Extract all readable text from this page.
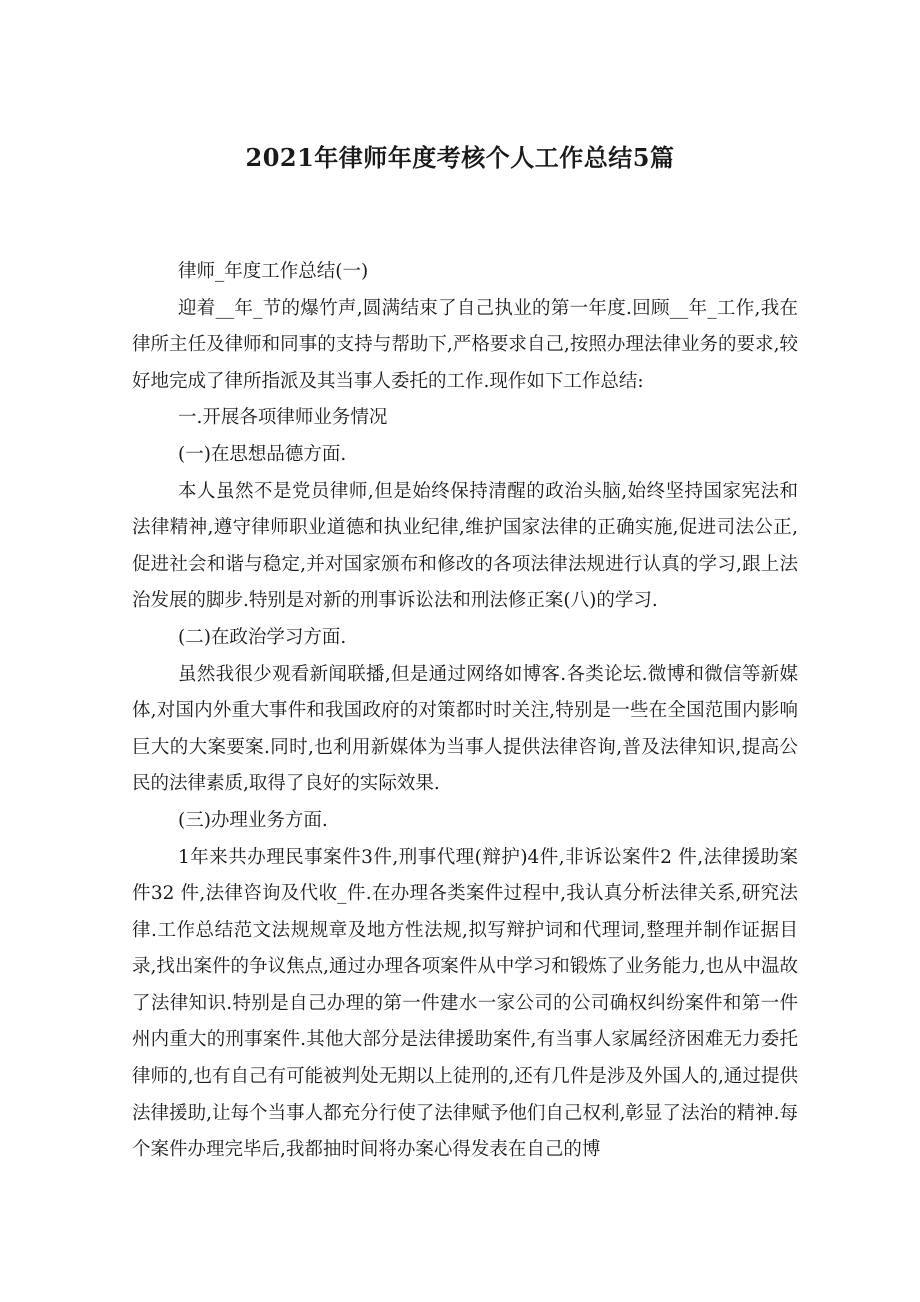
2021年律师年度考核个人工作总结5篇

律师_年度工作总结(一)

迎着__年_节的爆竹声,圆满结束了自己执业的第一年度.回顾__年_工作,我在律所主任及律师和同事的支持与帮助下,严格要求自己,按照办理法律业务的要求,较好地完成了律所指派及其当事人委托的工作.现作如下工作总结:

一.开展各项律师业务情况

(一)在思想品德方面.

本人虽然不是党员律师,但是始终保持清醒的政治头脑,始终坚持国家宪法和法律精神,遵守律师职业道德和执业纪律,维护国家法律的正确实施,促进司法公正,促进社会和谐与稳定,并对国家颁布和修改的各项法律法规进行认真的学习,跟上法治发展的脚步.特别是对新的刑事诉讼法和刑法修正案(八)的学习.

(二)在政治学习方面.

虽然我很少观看新闻联播,但是通过网络如博客.各类论坛.微博和微信等新媒体,对国内外重大事件和我国政府的对策都时时关注,特别是一些在全国范围内影响巨大的大案要案.同时,也利用新媒体为当事人提供法律咨询,普及法律知识,提高公民的法律素质,取得了良好的实际效果.

(三)办理业务方面.

1年来共办理民事案件3件,刑事代理(辩护)4件,非诉讼案件2 件,法律援助案件32 件,法律咨询及代收_件.在办理各类案件过程中,我认真分析法律关系,研究法律.工作总结范文法规规章及地方性法规,拟写辩护词和代理词,整理并制作证据目录,找出案件的争议焦点,通过办理各项案件从中学习和锻炼了业务能力,也从中温故了法律知识.特别是自己办理的第一件建水一家公司的公司确权纠纷案件和第一件州内重大的刑事案件.其他大部分是法律援助案件,有当事人家属经济困难无力委托律师的,也有自己有可能被判处无期以上徒刑的,还有几件是涉及外国人的,通过提供法律援助,让每个当事人都充分行使了法律赋予他们自己权利,彰显了法治的精神.每个案件办理完毕后,我都抽时间将办案心得发表在自己的博
